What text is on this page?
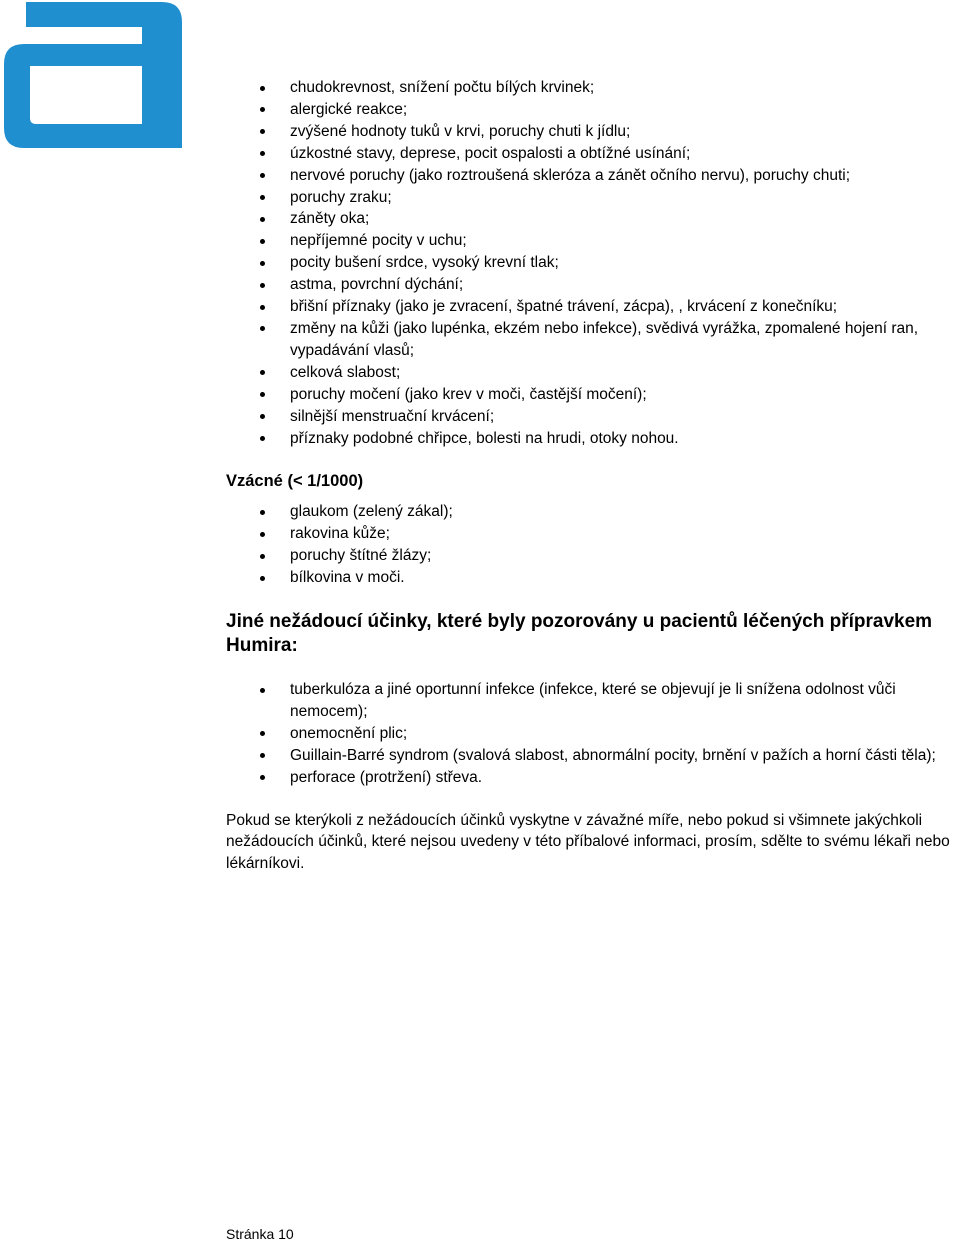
chudokrevnost, snížení počtu bílých krvinek;
alergické reakce;
zvýšené hodnoty tuků v krvi, poruchy chuti k jídlu;
úzkostné stavy, deprese, pocit ospalosti a obtížné usínání;
nervové poruchy (jako roztroušená skleróza a zánět očního nervu), poruchy chuti;
poruchy zraku;
záněty oka;
nepříjemné pocity v uchu;
pocity bušení srdce, vysoký krevní tlak;
astma, povrchní dýchání;
břišní příznaky (jako je zvracení, špatné trávení, zácpa), , krvácení z konečníku;
změny na kůži (jako lupénka, ekzém nebo infekce), svědivá vyrážka, zpomalené hojení ran, vypadávání vlasů;
celková slabost;
poruchy močení (jako krev v moči, častější močení);
silnější menstruační krvácení;
příznaky podobné chřipce, bolesti na hrudi, otoky nohou.
Vzácné (< 1/1000)
glaukom (zelený zákal);
rakovina kůže;
poruchy štítné žlázy;
bílkovina v moči.
Jiné nežádoucí účinky, které byly pozorovány u pacientů léčených přípravkem Humira:
tuberkulóza a jiné oportunní infekce (infekce, které se objevují je li snížena odolnost vůči nemocem);
onemocnění plic;
Guillain-Barré syndrom (svalová slabost, abnormální pocity, brnění v pažích a horní části těla);
perforace (protržení) střeva.

Pokud se kterýkoli z nežádoucích účinků vyskytne v závažné míře, nebo pokud si všimnete jakýchkoli nežádoucích účinků, které nejsou uvedeny v této příbalové informaci, prosím, sdělte to svému lékaři nebo lékárníkovi.

Stránka 10
